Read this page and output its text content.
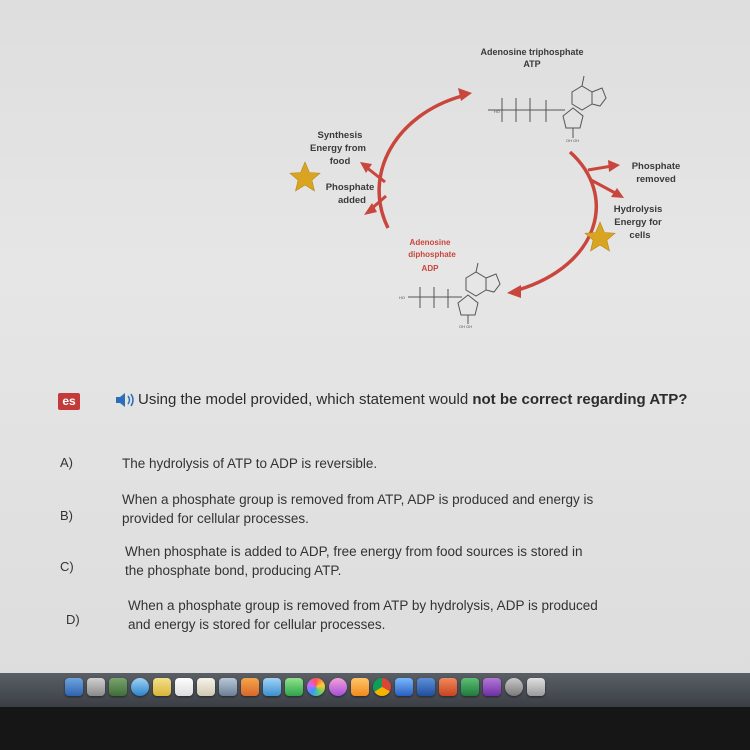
Adenosine triphosphate
ATP
HO
OH OH
HO
OH OH
Synthesis
Energy from
food
Phosphate
added
Phosphate
removed
Hydrolysis
Energy for
cells
Adenosine
diphosphate
ADP
es	Using the model provided, which statement would not be correct regarding ATP?
A)	The hydrolysis of ATP to ADP is reversible.
B)
When a phosphate group is removed from ATP, ADP is produced and energy is provided for cellular processes.
C)
When phosphate is added to ADP, free energy from food sources is stored in the phosphate bond, producing ATP.
D)
When a phosphate group is removed from ATP by hydrolysis, ADP is produced and energy is stored for cellular processes.
